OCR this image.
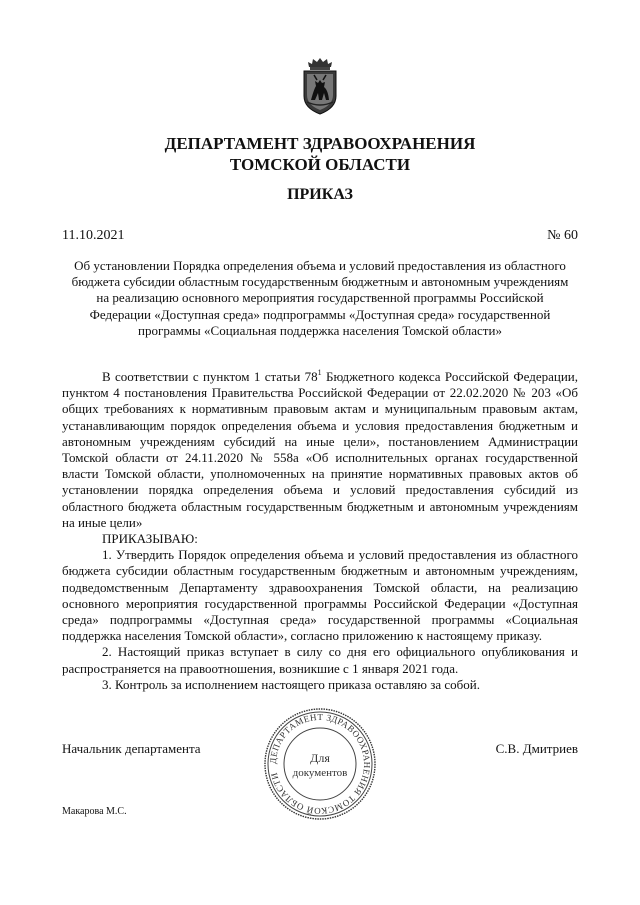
ДЕПАРТАМЕНТ ЗДРАВООХРАНЕНИЯ
ТОМСКОЙ ОБЛАСТИ
ПРИКАЗ
11.10.2021	№ 60
Об установлении Порядка определения объема и условий предоставления из областного
бюджета субсидии областным государственным бюджетным и автономным учреждениям
на реализацию основного мероприятия государственной программы Российской
Федерации «Доступная среда» подпрограммы «Доступная среда» государственной
программы «Социальная поддержка населения Томской области»

В соответствии с пунктом 1 статьи $78^1$ Бюджетного кодекса Российской Федерации, пунктом 4 постановления Правительства Российской Федерации от 22.02.2020 № 203 «Об общих требованиях к нормативным правовым актам и муниципальным правовым актам, устанавливающим порядок определения объема и условия предоставления бюджетным и автономным учреждениям субсидий на иные цели», постановлением Администрации Томской области от 24.11.2020 № 558а «Об исполнительных органах государственной власти Томской области, уполномоченных на принятие нормативных правовых актов об установлении порядка определения объема и условий предоставления субсидий из областного бюджета областным государственным бюджетным и автономным учреждениям на иные цели»

ПРИКАЗЫВАЮ:

1. Утвердить Порядок определения объема и условий предоставления из областного бюджета субсидии областным государственным бюджетным и автономным учреждениям, подведомственным Департаменту здравоохранения Томской области, на реализацию основного мероприятия государственной программы Российской Федерации «Доступная среда» подпрограммы «Доступная среда» государственной программы «Социальная поддержка населения Томской области», согласно приложению к настоящему приказу.

2. Настоящий приказ вступает в силу со дня его официального опубликования и распространяется на правоотношения, возникшие с 1 января 2021 года.

3. Контроль за исполнением настоящего приказа оставляю за собой.

Начальник департамента	С.В. Дмитриев
ДЕПАРТАМЕНТ ЗДРАВООХРАНЕНИЯ ТОМСКОЙ ОБЛАСТИ
Для
документов
Макарова М.С.
